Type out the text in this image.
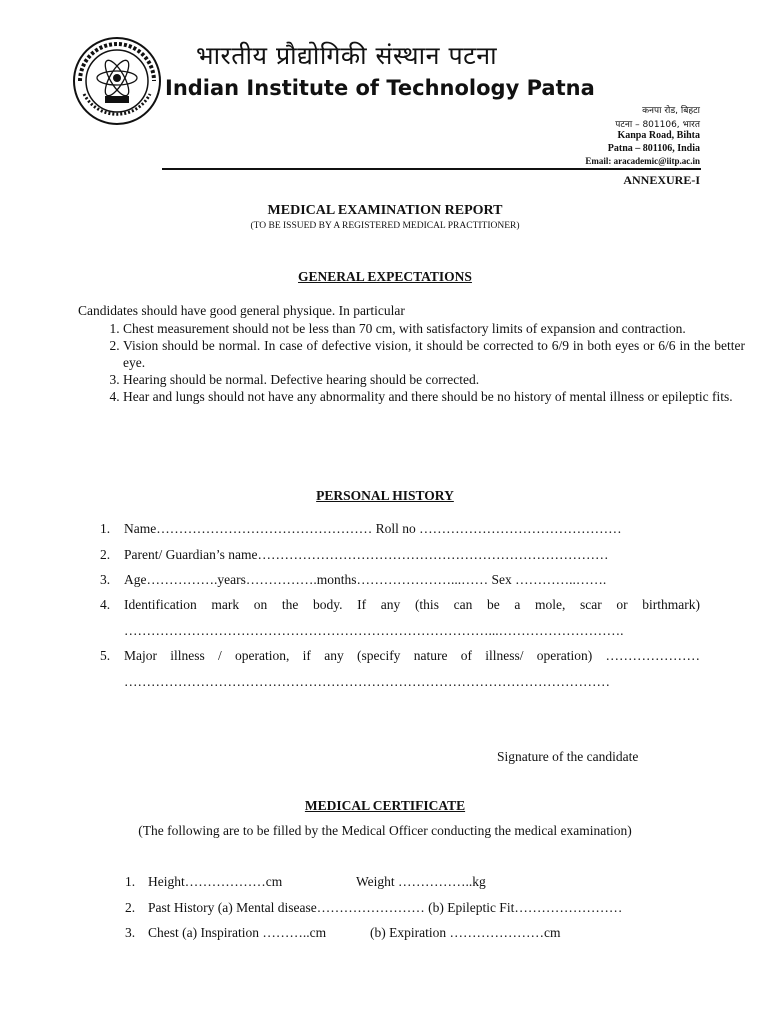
भारतीय प्रौद्योगिकी संस्थान पटना
Indian Institute of Technology Patna
कनपा रोड, बिहटा
पटना – 801106, भारत
Kanpa Road, Bihta
Patna – 801106, India
Email: aracademic@iitp.ac.in
ANNEXURE-I
MEDICAL EXAMINATION REPORT
(TO BE ISSUED BY A REGISTERED MEDICAL PRACTITIONER)
GENERAL EXPECTATIONS
Candidates should have good general physique. In particular
1. Chest measurement should not be less than 70 cm, with satisfactory limits of expansion and contraction.
2. Vision should be normal. In case of defective vision, it should be corrected to 6/9 in both eyes or 6/6 in the better eye.
3. Hearing should be normal. Defective hearing should be corrected.
4. Hear and lungs should not have any abnormality and there should be no history of mental illness or epileptic fits.
PERSONAL HISTORY
1. Name………………………………………… Roll no ………………………………………
2. Parent/ Guardian’s name……………………………………………………………………
3. Age…………….years…………….months…………………...…… Sex …………..…….
4. Identification mark on the body. If any (this can be a mole, scar or birthmark)
………………………………………………………………………...……………………….
5. Major illness / operation, if any (specify nature of illness/ operation) …………………
………………………………………………………………………………………………
Signature of the candidate
MEDICAL CERTIFICATE
(The following are to be filled by the Medical Officer conducting the medical examination)
1. Height………………cm	Weight ……………..kg
2. Past History (a) Mental disease…………………… (b) Epileptic Fit……………………
3. Chest (a) Inspiration ………..cm	(b) Expiration …………………cm
